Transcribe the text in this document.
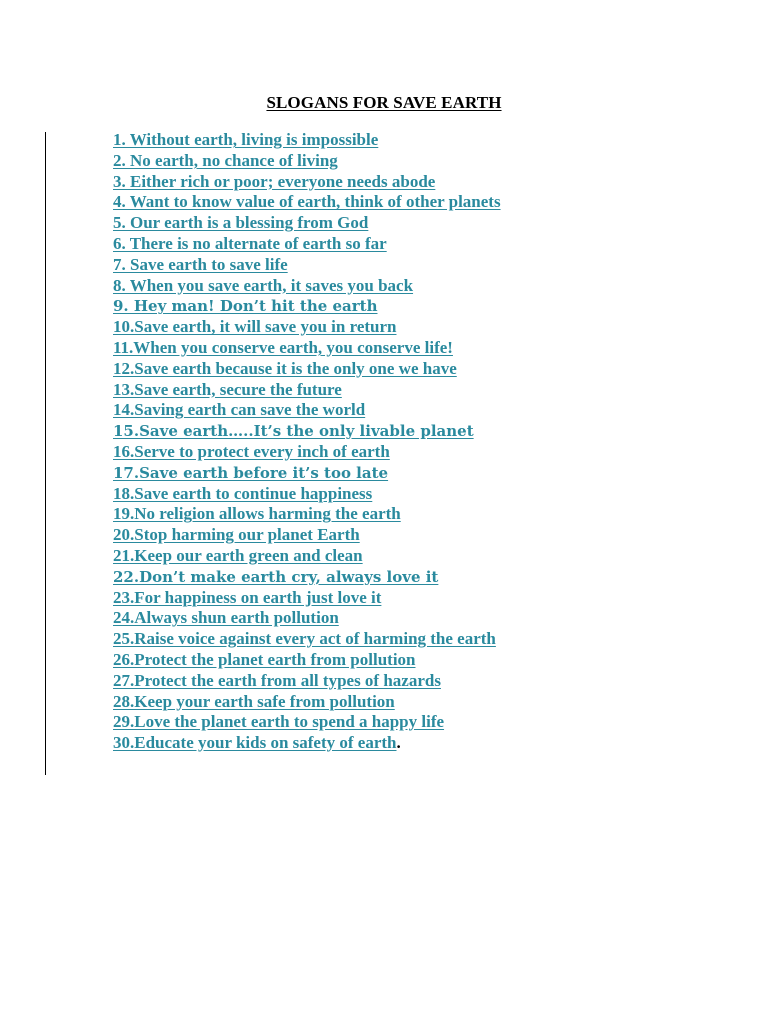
SLOGANS FOR SAVE EARTH
1. Without earth, living is impossible
2. No earth, no chance of living
3. Either rich or poor; everyone needs abode
4. Want to know value of earth, think of other planets
5. Our earth is a blessing from God
6. There is no alternate of earth so far
7. Save earth to save life
8. When you save earth, it saves you back
9. Hey man! Don’t hit the earth
10.Save earth, it will save you in return
11.When you conserve earth, you conserve life!
12.Save earth because it is the only one we have
13.Save earth, secure the future
14.Saving earth can save the world
15.Save earth…..It’s the only livable planet
16.Serve to protect every inch of earth
17.Save earth before it’s too late
18.Save earth to continue happiness
19.No religion allows harming the earth
20.Stop harming our planet Earth
21.Keep our earth green and clean
22.Don’t make earth cry, always love it
23.For happiness on earth just love it
24.Always shun earth pollution
25.Raise voice against every act of harming the earth
26.Protect the planet earth from pollution
27.Protect the earth from all types of hazards
28.Keep your earth safe from pollution
29.Love the planet earth to spend a happy life
30.Educate your kids on safety of earth.
